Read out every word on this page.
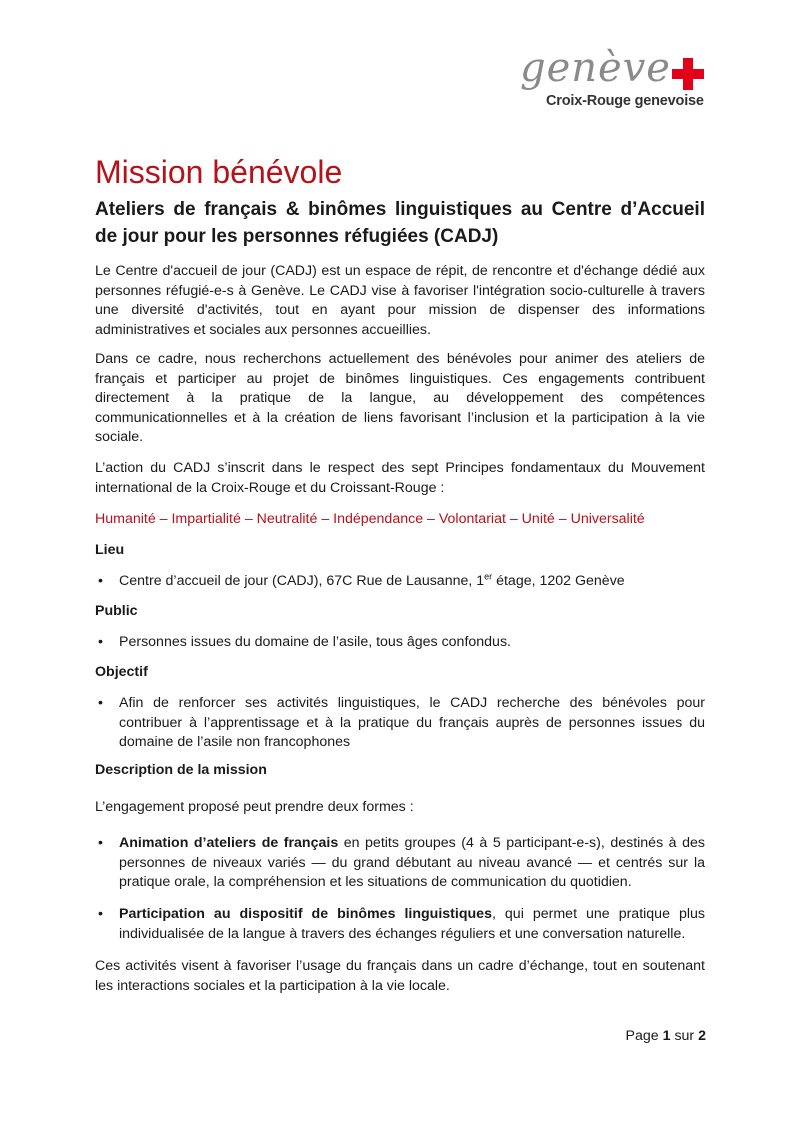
genève
Croix-Rouge genevoise
Mission bénévole
Ateliers de français & binômes linguistiques au Centre d’Accueil de jour pour les personnes réfugiées (CADJ)

Le Centre d'accueil de jour (CADJ) est un espace de répit, de rencontre et d'échange dédié aux personnes réfugié-e-s à Genève. Le CADJ vise à favoriser l'intégration socio-culturelle à travers une diversité d'activités, tout en ayant pour mission de dispenser des informations administratives et sociales aux personnes accueillies.

Dans ce cadre, nous recherchons actuellement des bénévoles pour animer des ateliers de français et participer au projet de binômes linguistiques. Ces engagements contribuent directement à la pratique de la langue, au développement des compétences communicationnelles et à la création de liens favorisant l’inclusion et la participation à la vie sociale.

L’action du CADJ s’inscrit dans le respect des sept Principes fondamentaux du Mouvement international de la Croix-Rouge et du Croissant-Rouge :

Humanité – Impartialité – Neutralité – Indépendance – Volontariat – Unité – Universalité

Lieu

• Centre d’accueil de jour (CADJ), 67C Rue de Lausanne, 1er étage, 1202 Genève

Public

• Personnes issues du domaine de l’asile, tous âges confondus.

Objectif

• Afin de renforcer ses activités linguistiques, le CADJ recherche des bénévoles pour contribuer à l’apprentissage et à la pratique du français auprès de personnes issues du domaine de l’asile non francophones

Description de la mission

L’engagement proposé peut prendre deux formes :

• Animation d’ateliers de français en petits groupes (4 à 5 participant-e-s), destinés à des personnes de niveaux variés — du grand débutant au niveau avancé — et centrés sur la pratique orale, la compréhension et les situations de communication du quotidien.
• Participation au dispositif de binômes linguistiques, qui permet une pratique plus individualisée de la langue à travers des échanges réguliers et une conversation naturelle.

Ces activités visent à favoriser l’usage du français dans un cadre d’échange, tout en soutenant les interactions sociales et la participation à la vie locale.

Page 1 sur 2
